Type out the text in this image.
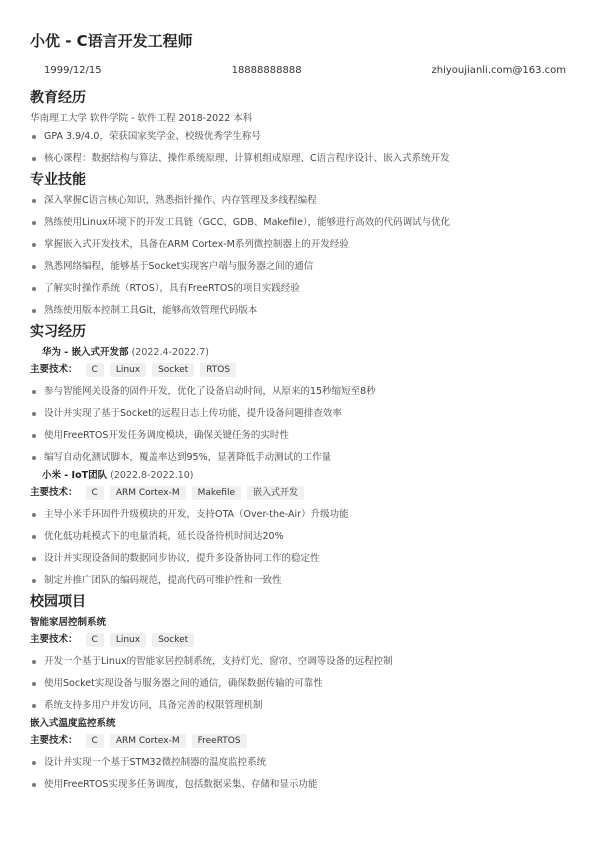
小优 - C语言开发工程师
1999/12/15	18888888888	zhiyoujianli.com@163.com
教育经历
华南理工大学 软件学院 - 软件工程 2018-2022 本科
GPA 3.9/4.0，荣获国家奖学金、校级优秀学生称号
核心课程：数据结构与算法、操作系统原理、计算机组成原理、C语言程序设计、嵌入式系统开发
专业技能
深入掌握C语言核心知识，熟悉指针操作、内存管理及多线程编程
熟练使用Linux环境下的开发工具链（GCC、GDB、Makefile），能够进行高效的代码调试与优化
掌握嵌入式开发技术，具备在ARM Cortex-M系列微控制器上的开发经验
熟悉网络编程，能够基于Socket实现客户端与服务器之间的通信
了解实时操作系统（RTOS），具有FreeRTOS的项目实践经验
熟练使用版本控制工具Git，能够高效管理代码版本
实习经历
华为 - 嵌入式开发部 (2022.4-2022.7)
主要技术：	C	Linux	Socket	RTOS
参与智能网关设备的固件开发，优化了设备启动时间，从原来的15秒缩短至8秒
设计并实现了基于Socket的远程日志上传功能，提升设备问题排查效率
使用FreeRTOS开发任务调度模块，确保关键任务的实时性
编写自动化测试脚本，覆盖率达到95%，显著降低手动测试的工作量
小米 - IoT团队 (2022.8-2022.10)
主要技术：	C	ARM Cortex-M	Makefile	嵌入式开发
主导小米手环固件升级模块的开发，支持OTA（Over-the-Air）升级功能
优化低功耗模式下的电量消耗，延长设备待机时间达20%
设计并实现设备间的数据同步协议，提升多设备协同工作的稳定性
制定并推广团队的编码规范，提高代码可维护性和一致性
校园项目
智能家居控制系统
主要技术：	C	Linux	Socket
开发一个基于Linux的智能家居控制系统，支持灯光、窗帘、空调等设备的远程控制
使用Socket实现设备与服务器之间的通信，确保数据传输的可靠性
系统支持多用户并发访问，具备完善的权限管理机制
嵌入式温度监控系统
主要技术：	C	ARM Cortex-M	FreeRTOS
设计并实现一个基于STM32微控制器的温度监控系统
使用FreeRTOS实现多任务调度，包括数据采集、存储和显示功能
